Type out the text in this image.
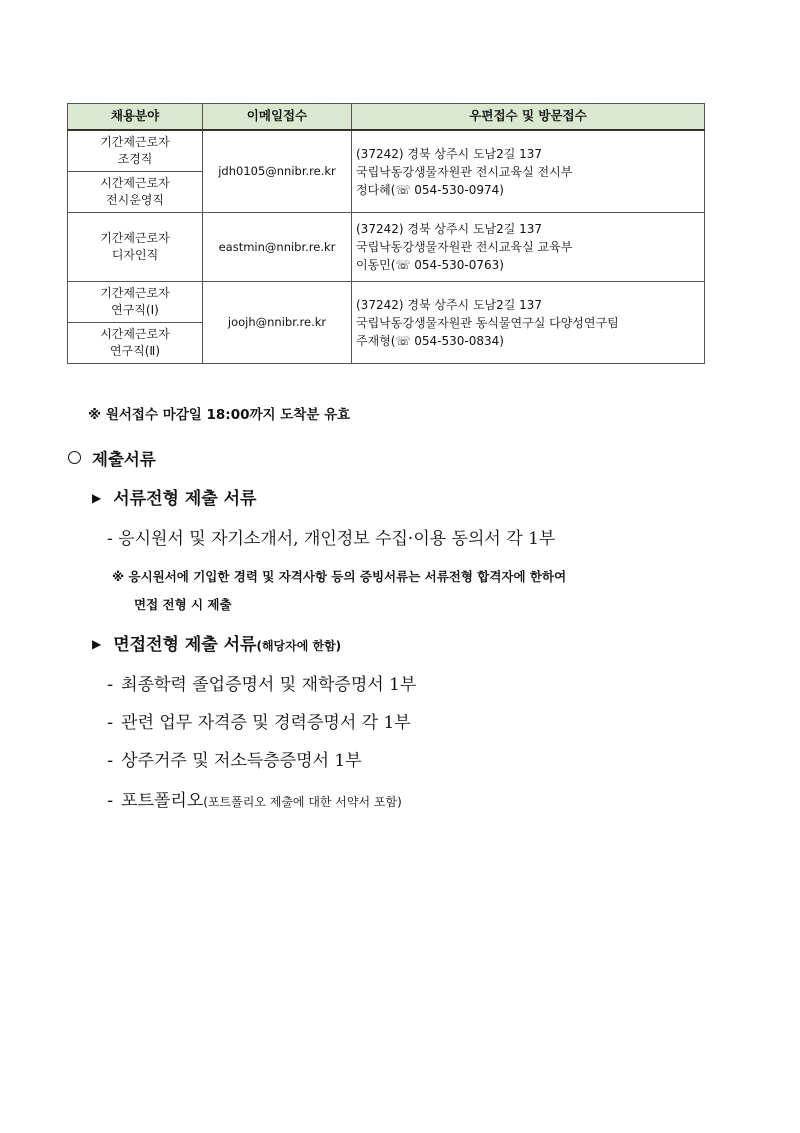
채용분야	이메일접수	우편접수 및 방문접수

기간제근로자
조경직	jdh0105@nnibr.re.kr	(37242) 경북 상주시 도남2길 137
국립낙동강생물자원관 전시교육실 전시부
정다혜(☏ 054-530-0974)

시간제근로자
전시운영직		

기간제근로자
디자인직	eastmin@nnibr.re.kr	(37242) 경북 상주시 도남2길 137
국립낙동강생물자원관 전시교육실 교육부
이동민(☏ 054-530-0763)

기간제근로자
연구직(Ⅰ)	joojh@nnibr.re.kr	(37242) 경북 상주시 도남2길 137
국립낙동강생물자원관 동식물연구실 다양성연구팀
주재형(☏ 054-530-0834)

시간제근로자
연구직(Ⅱ)		
※ 원서접수 마감일 18:00까지 도착분 유효
제출서류
▶ 서류전형 제출 서류
- 응시원서 및 자기소개서, 개인정보 수집·이용 동의서 각 1부
※ 응시원서에 기입한 경력 및 자격사항 등의 증빙서류는 서류전형 합격자에 한하여
면접 전형 시 제출
▶ 면접전형 제출 서류(해당자에 한함)
- 최종학력 졸업증명서 및 재학증명서 1부
- 관련 업무 자격증 및 경력증명서 각 1부
- 상주거주 및 저소득층증명서 1부
- 포트폴리오(포트폴리오 제출에 대한 서약서 포함)
